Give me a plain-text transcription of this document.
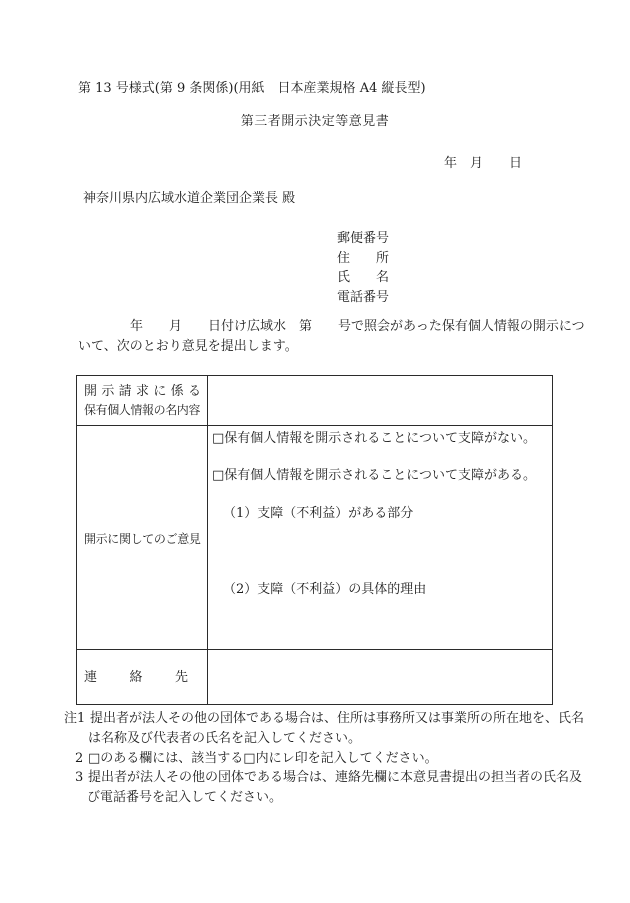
第 13 号様式(第 9 条関係)(用紙　日本産業規格 A4 縦長型)
第三者開示決定等意見書
年　月　　日
神奈川県内広域水道企業団企業長 殿
郵便番号
住　　所
氏　　名
電話番号
　　　　年　　月　　日付け広域水　第　　号で照会があった保有個人情報の開示につ
いて、次のとおり意見を提出します。
開 示 請 求 に 係 る
保有個人情報の名内容
開示に関してのご意見
□保有個人情報を開示されることについて支障がない。
□保有個人情報を開示されることについて支障がある。
（1）支障（不利益）がある部分
（2）支障（不利益）の具体的理由
連 絡 先
注1 提出者が法人その他の団体である場合は、住所は事務所又は事業所の所在地を、氏名
は名称及び代表者の氏名を記入してください。
2 □のある欄には、該当する□内にレ印を記入してください。
3 提出者が法人その他の団体である場合は、連絡先欄に本意見書提出の担当者の氏名及
び電話番号を記入してください。
